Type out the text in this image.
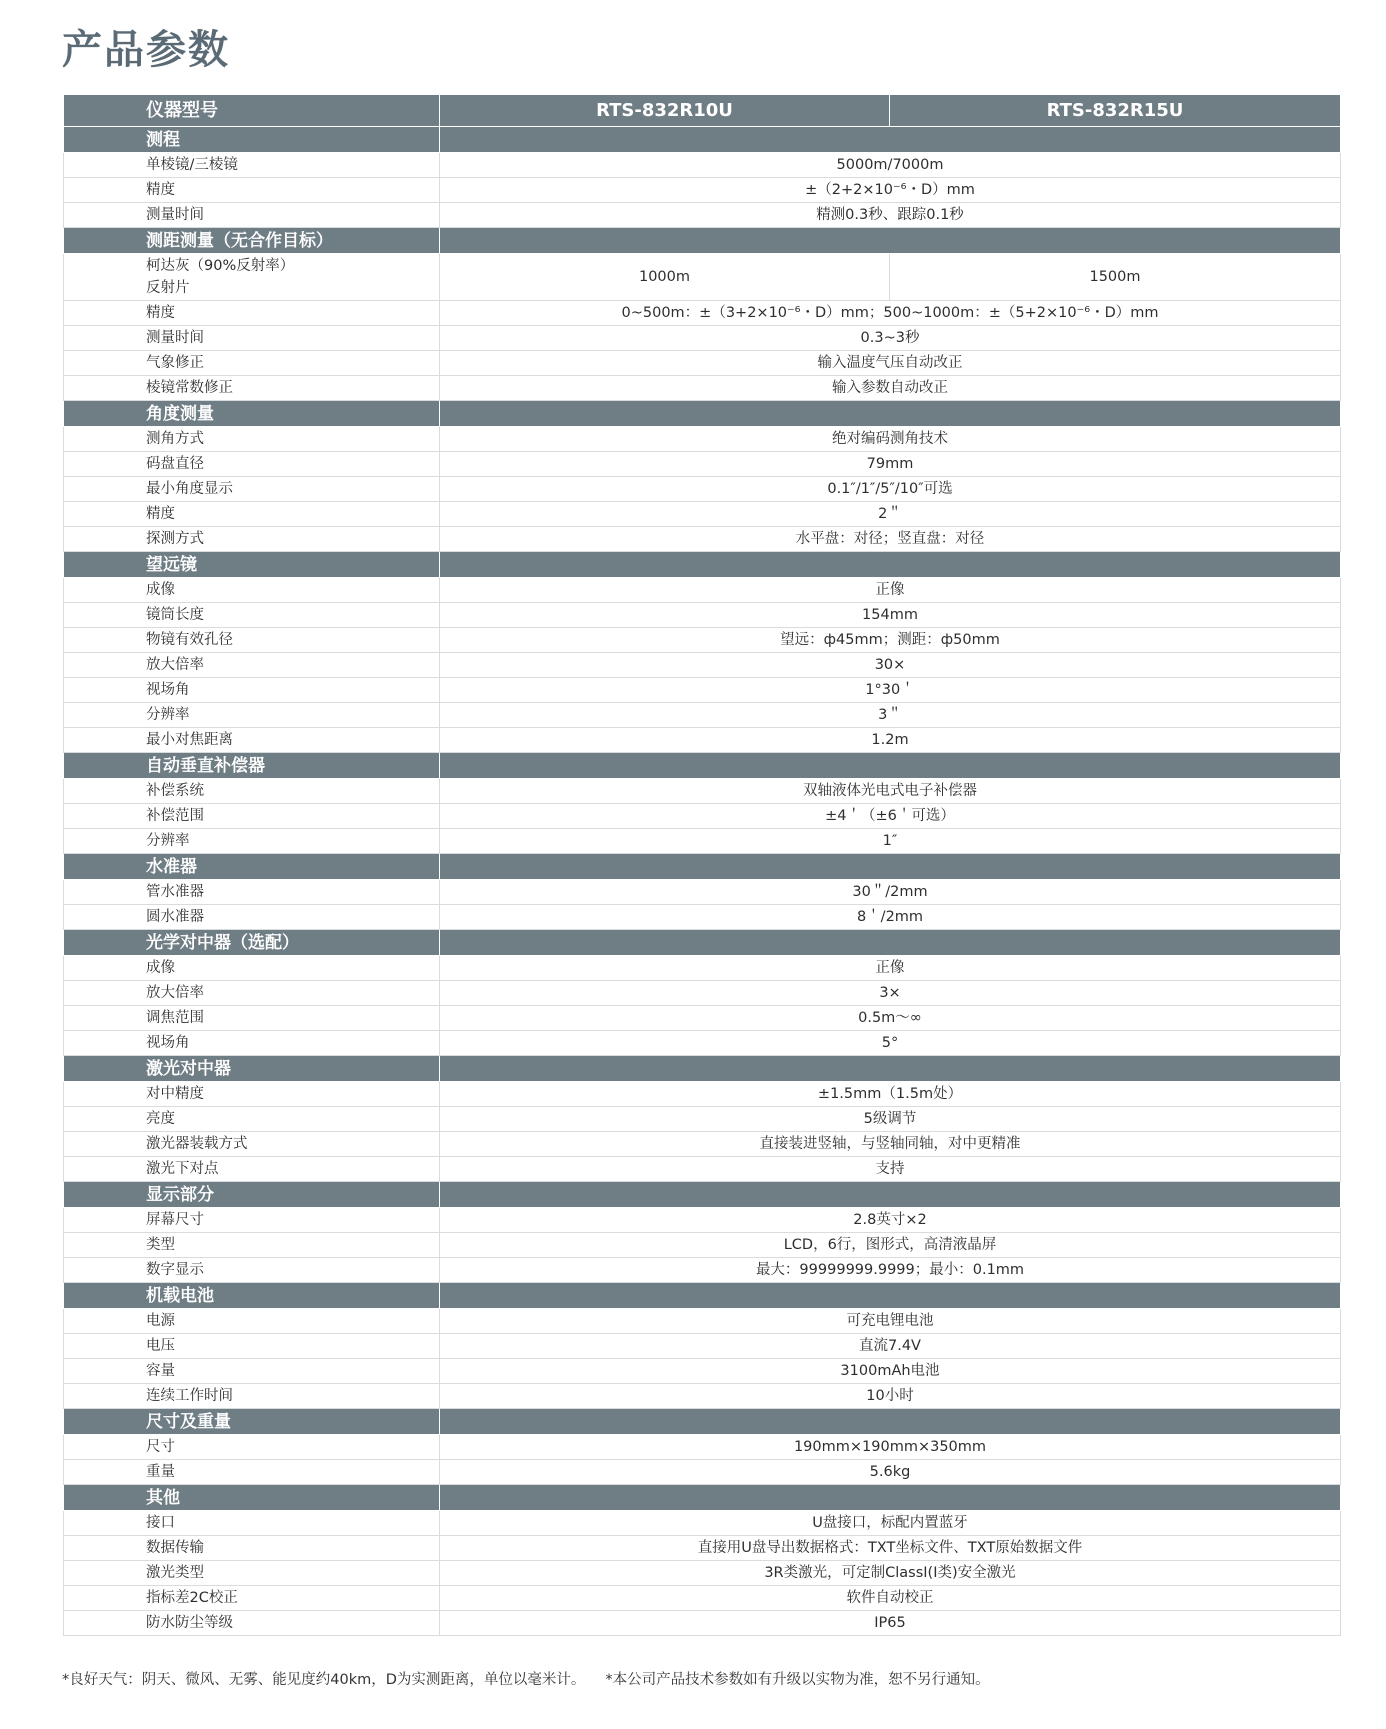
产品参数
仪器型号	RTS-832R10U	RTS-832R15U
测程		
单棱镜/三棱镜	5000m/7000m	
精度	±（2+2×10⁻⁶・D）mm	
测量时间	精测0.3秒、跟踪0.1秒	
测距测量（无合作目标）		
柯达灰（90%反射率）
反射片	1000m	1500m
精度	0~500m：±（3+2×10⁻⁶・D）mm；500~1000m：±（5+2×10⁻⁶・D）mm	
测量时间	0.3~3秒	
气象修正	输入温度气压自动改正	
棱镜常数修正	输入参数自动改正	
角度测量		
测角方式	绝对编码测角技术	
码盘直径	79mm	
最小角度显示	0.1″/1″/5″/10″可选	
精度	2＂	
探测方式	水平盘：对径；竖直盘：对径	
望远镜		
成像	正像	
镜筒长度	154mm	
物镜有效孔径	望远：ф45mm；测距：ф50mm	
放大倍率	30×	
视场角	1°30＇	
分辨率	3＂	
最小对焦距离	1.2m	
自动垂直补偿器		
补偿系统	双轴液体光电式电子补偿器	
补偿范围	±4＇（±6＇可选）	
分辨率	1″	
水准器		
管水准器	30＂/2mm	
圆水准器	8＇/2mm	
光学对中器（选配）		
成像	正像	
放大倍率	3×	
调焦范围	0.5m～∞	
视场角	5°	
激光对中器		
对中精度	±1.5mm（1.5m处）	
亮度	5级调节	
激光器装载方式	直接装进竖轴，与竖轴同轴，对中更精准	
激光下对点	支持	
显示部分		
屏幕尺寸	2.8英寸×2	
类型	LCD，6行，图形式，高清液晶屏	
数字显示	最大：99999999.9999；最小：0.1mm	
机载电池		
电源	可充电锂电池	
电压	直流7.4V	
容量	3100mAh电池	
连续工作时间	10小时	
尺寸及重量		
尺寸	190mm×190mm×350mm	
重量	5.6kg	
其他		
接口	U盘接口，标配内置蓝牙	
数据传输	直接用U盘导出数据格式：TXT坐标文件、TXT原始数据文件	
激光类型	3R类激光，可定制ClassI(I类)安全激光	
指标差2C校正	软件自动校正	
防水防尘等级	IP65	
*良好天气：阴天、微风、无雾、能见度约40km，D为实测距离，单位以毫米计。 *本公司产品技术参数如有升级以实物为准，恕不另行通知。
